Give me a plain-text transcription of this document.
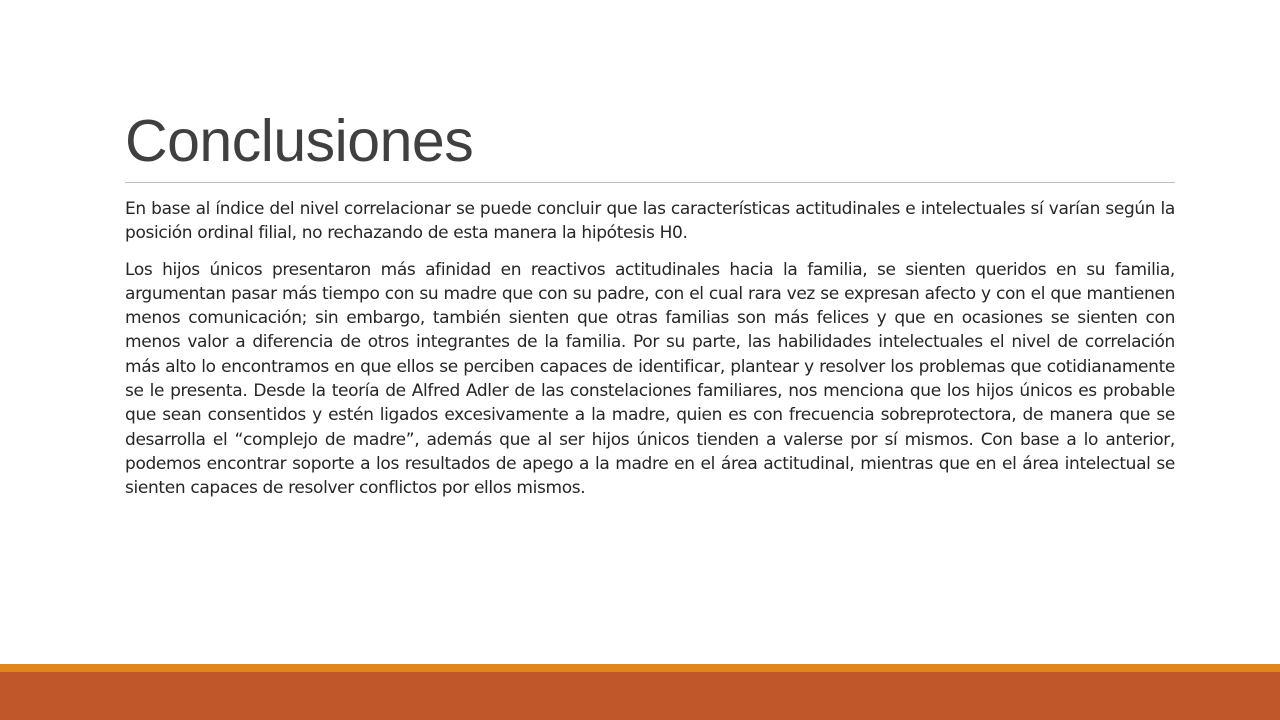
Conclusiones

En base al índice del nivel correlacionar se puede concluir que las características actitudinales e intelectuales sí varían según la posición ordinal filial, no rechazando de esta manera la hipótesis H0.

Los hijos únicos presentaron más afinidad en reactivos actitudinales hacia la familia, se sienten queridos en su familia, argumentan pasar más tiempo con su madre que con su padre, con el cual rara vez se expresan afecto y con el que mantienen menos comunicación; sin embargo, también sienten que otras familias son más felices y que en ocasiones se sienten con menos valor a diferencia de otros integrantes de la familia. Por su parte, las habilidades intelectuales el nivel de correlación más alto lo encontramos en que ellos se perciben capaces de identificar, plantear y resolver los problemas que cotidianamente se le presenta. Desde la teoría de Alfred Adler de las constelaciones familiares, nos menciona que los hijos únicos es probable que sean consentidos y estén ligados excesivamente a la madre, quien es con frecuencia sobreprotectora, de manera que se desarrolla el “complejo de madre”, además que al ser hijos únicos tienden a valerse por sí mismos. Con base a lo anterior, podemos encontrar soporte a los resultados de apego a la madre en el área actitudinal, mientras que en el área intelectual se sienten capaces de resolver conflictos por ellos mismos.
